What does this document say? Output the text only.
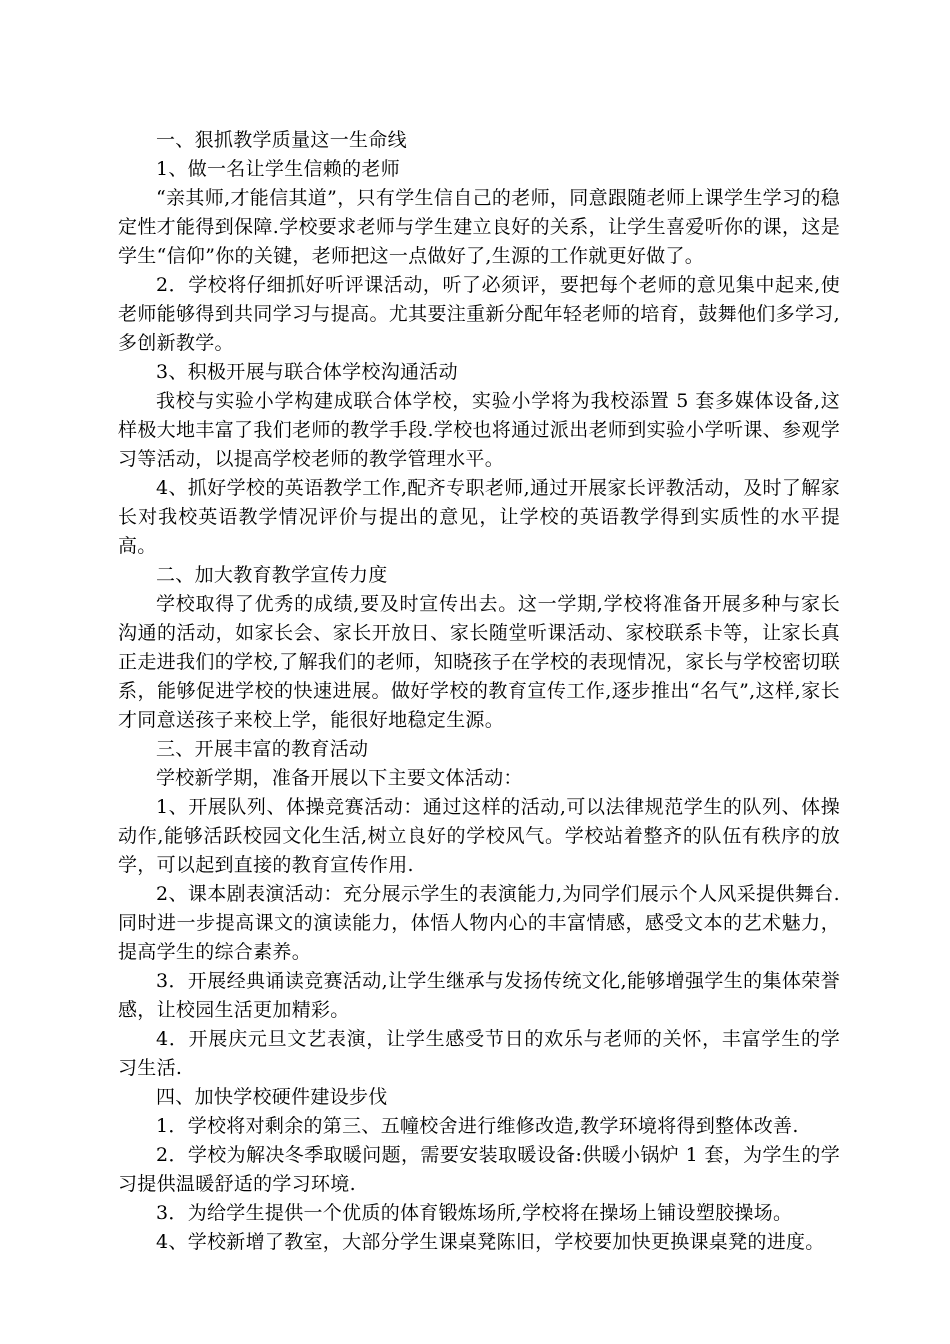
一、狠抓教学质量这一生命线

1、做一名让学生信赖的老师

“亲其师,才能信其道”，只有学生信自己的老师，同意跟随老师上课学生学习的稳定性才能得到保障.学校要求老师与学生建立良好的关系，让学生喜爱听你的课，这是学生“信仰”你的关键，老师把这一点做好了,生源的工作就更好做了。

2．学校将仔细抓好听评课活动，听了必须评，要把每个老师的意见集中起来,使老师能够得到共同学习与提高。尤其要注重新分配年轻老师的培育，鼓舞他们多学习,多创新教学。

3、积极开展与联合体学校沟通活动

我校与实验小学构建成联合体学校，实验小学将为我校添置 5 套多媒体设备,这样极大地丰富了我们老师的教学手段.学校也将通过派出老师到实验小学听课、参观学习等活动，以提高学校老师的教学管理水平。

4、抓好学校的英语教学工作,配齐专职老师,通过开展家长评教活动，及时了解家长对我校英语教学情况评价与提出的意见，让学校的英语教学得到实质性的水平提高。

二、加大教育教学宣传力度

学校取得了优秀的成绩,要及时宣传出去。这一学期,学校将准备开展多种与家长沟通的活动，如家长会、家长开放日、家长随堂听课活动、家校联系卡等，让家长真正走进我们的学校,了解我们的老师，知晓孩子在学校的表现情况，家长与学校密切联系，能够促进学校的快速进展。做好学校的教育宣传工作,逐步推出“名气”,这样,家长才同意送孩子来校上学，能很好地稳定生源。

三、开展丰富的教育活动

学校新学期，准备开展以下主要文体活动：

1、开展队列、体操竞赛活动：通过这样的活动,可以法律规范学生的队列、体操动作,能够活跃校园文化生活,树立良好的学校风气。学校站着整齐的队伍有秩序的放学，可以起到直接的教育宣传作用.

2、课本剧表演活动：充分展示学生的表演能力,为同学们展示个人风采提供舞台.同时进一步提高课文的演读能力，体悟人物内心的丰富情感，感受文本的艺术魅力，提高学生的综合素养。

3．开展经典诵读竞赛活动,让学生继承与发扬传统文化,能够增强学生的集体荣誉感，让校园生活更加精彩。

4．开展庆元旦文艺表演，让学生感受节日的欢乐与老师的关怀，丰富学生的学习生活.

四、加快学校硬件建设步伐

1．学校将对剩余的第三、五幢校舍进行维修改造,教学环境将得到整体改善.

2．学校为解决冬季取暖问题，需要安装取暖设备:供暖小锅炉 1 套，为学生的学习提供温暖舒适的学习环境.

3．为给学生提供一个优质的体育锻炼场所,学校将在操场上铺设塑胶操场。

4、学校新增了教室，大部分学生课桌凳陈旧，学校要加快更换课桌凳的进度。
